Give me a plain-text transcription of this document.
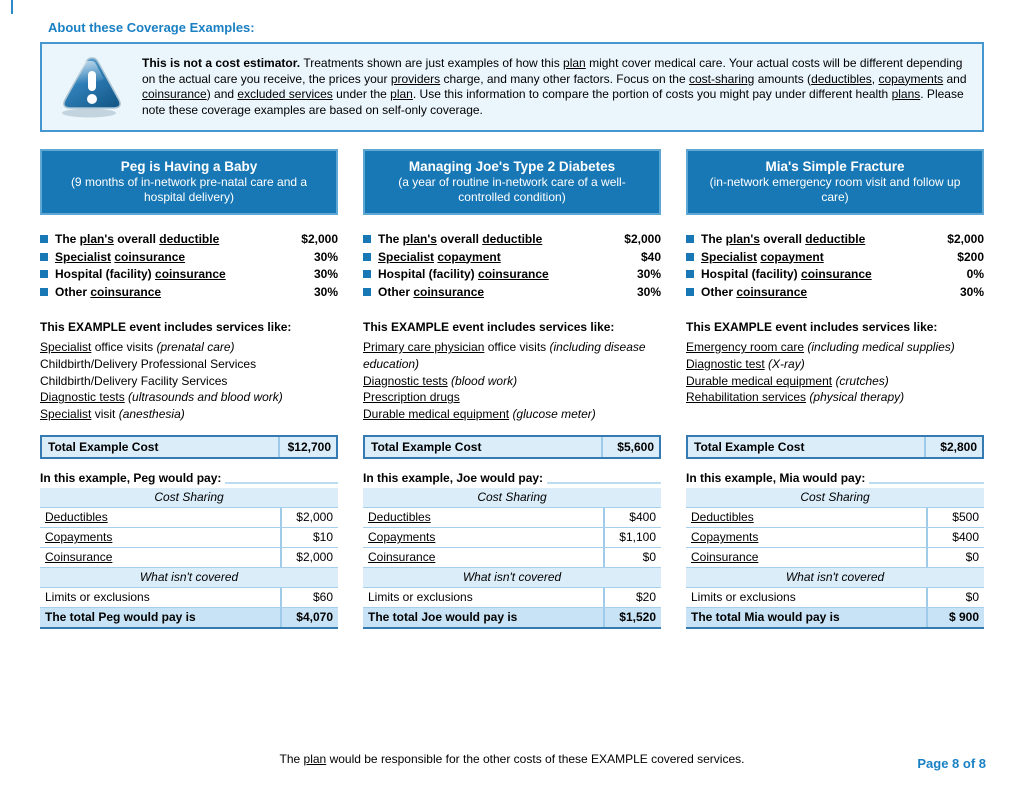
About these Coverage Examples:
This is not a cost estimator. Treatments shown are just examples of how this plan might cover medical care. Your actual costs will be different depending on the actual care you receive, the prices your providers charge, and many other factors. Focus on the cost-sharing amounts (deductibles, copayments and coinsurance) and excluded services under the plan. Use this information to compare the portion of costs you might pay under different health plans. Please note these coverage examples are based on self-only coverage.
Peg is Having a Baby
(9 months of in-network pre-natal care and a hospital delivery)
The plan's overall deductible	$2,000
Specialist coinsurance	30%
Hospital (facility) coinsurance	30%
Other coinsurance	30%
This EXAMPLE event includes services like:
Specialist office visits (prenatal care)
Childbirth/Delivery Professional Services
Childbirth/Delivery Facility Services
Diagnostic tests (ultrasounds and blood work)
Specialist visit (anesthesia)
Total Example Cost	$12,700
In this example, Peg would pay:
Cost Sharing
Deductibles	$2,000
Copayments	$10
Coinsurance	$2,000
What isn't covered
Limits or exclusions	$60
The total Peg would pay is	$4,070
Managing Joe's Type 2 Diabetes
(a year of routine in-network care of a well-controlled condition)
The plan's overall deductible	$2,000
Specialist copayment	$40
Hospital (facility) coinsurance	30%
Other coinsurance	30%
This EXAMPLE event includes services like:
Primary care physician office visits (including disease education)
Diagnostic tests (blood work)
Prescription drugs
Durable medical equipment (glucose meter)
Total Example Cost	$5,600
In this example, Joe would pay:
Cost Sharing
Deductibles	$400
Copayments	$1,100
Coinsurance	$0
What isn't covered
Limits or exclusions	$20
The total Joe would pay is	$1,520
Mia's Simple Fracture
(in-network emergency room visit and follow up care)
The plan's overall deductible	$2,000
Specialist copayment	$200
Hospital (facility) coinsurance	0%
Other coinsurance	30%
This EXAMPLE event includes services like:
Emergency room care (including medical supplies)
Diagnostic test (X-ray)
Durable medical equipment (crutches)
Rehabilitation services (physical therapy)
Total Example Cost	$2,800
In this example, Mia would pay:
Cost Sharing
Deductibles	$500
Copayments	$400
Coinsurance	$0
What isn't covered
Limits or exclusions	$0
The total Mia would pay is	$ 900
The plan would be responsible for the other costs of these EXAMPLE covered services.	Page 8 of 8
